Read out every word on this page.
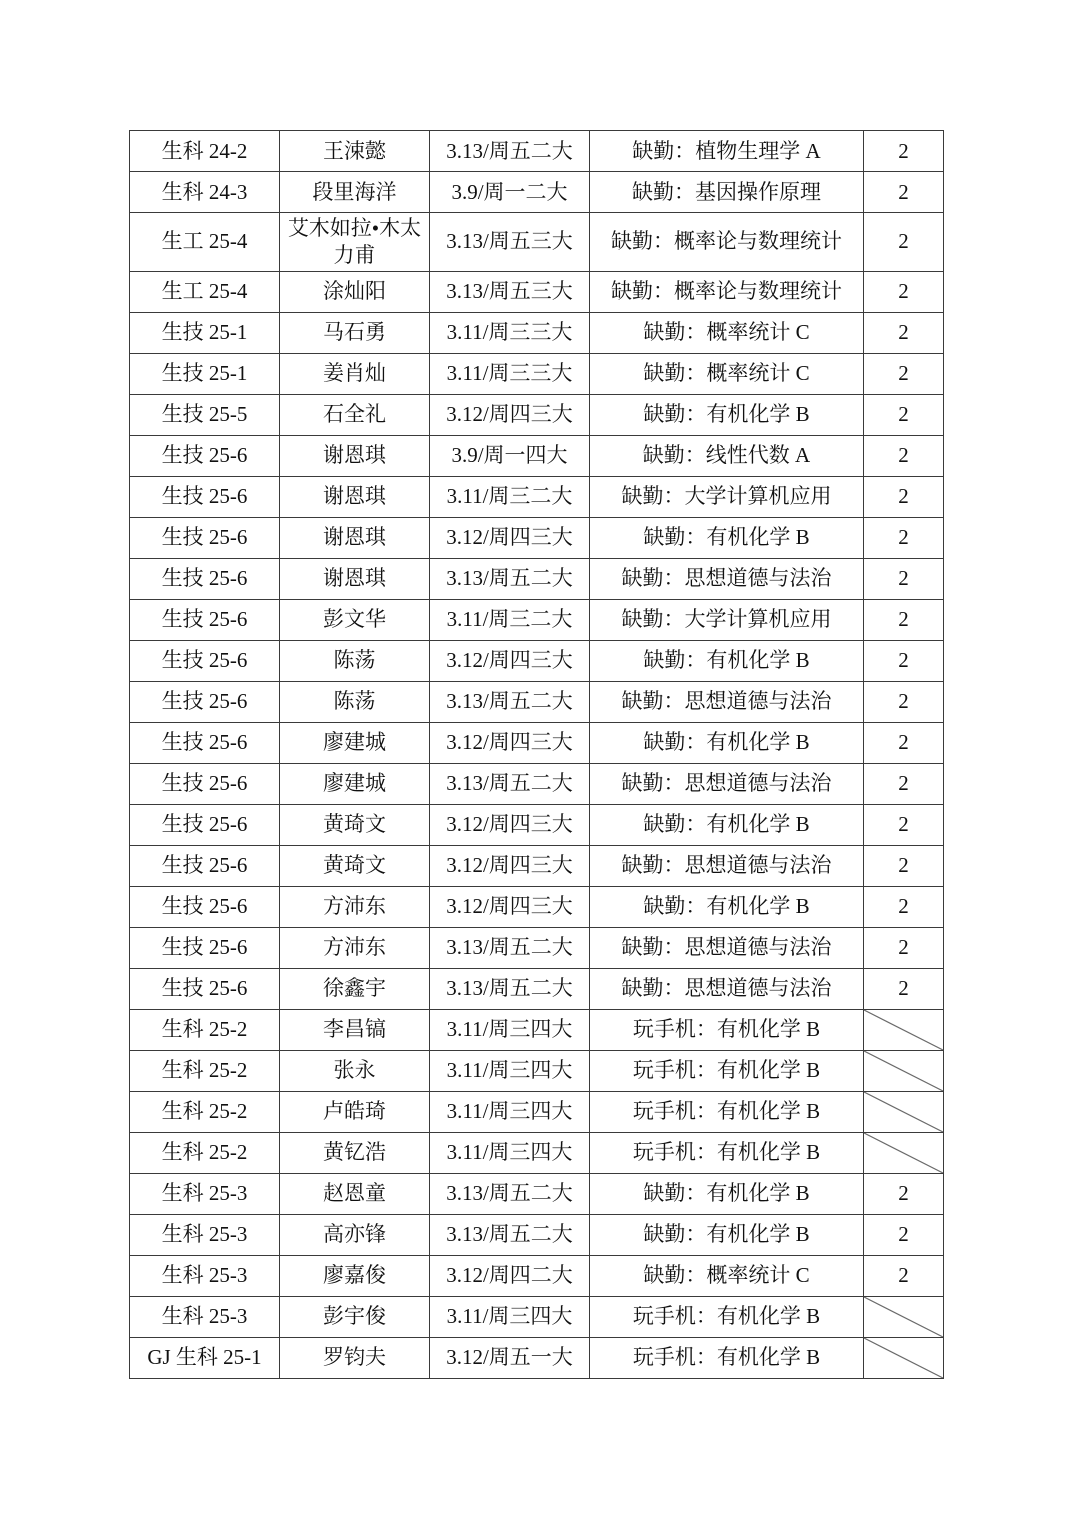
生科 24-2	王涑懿	3.13/周五二大	缺勤：植物生理学 A	2
生科 24-3	段里海洋	3.9/周一二大	缺勤：基因操作原理	2
生工 25-4	艾木如拉•木太力甫	3.13/周五三大	缺勤：概率论与数理统计	2
生工 25-4	涂灿阳	3.13/周五三大	缺勤：概率论与数理统计	2
生技 25-1	马石勇	3.11/周三三大	缺勤：概率统计 C	2
生技 25-1	姜肖灿	3.11/周三三大	缺勤：概率统计 C	2
生技 25-5	石全礼	3.12/周四三大	缺勤：有机化学 B	2
生技 25-6	谢恩琪	3.9/周一四大	缺勤：线性代数 A	2
生技 25-6	谢恩琪	3.11/周三二大	缺勤：大学计算机应用	2
生技 25-6	谢恩琪	3.12/周四三大	缺勤：有机化学 B	2
生技 25-6	谢恩琪	3.13/周五二大	缺勤：思想道德与法治	2
生技 25-6	彭文华	3.11/周三二大	缺勤：大学计算机应用	2
生技 25-6	陈荡	3.12/周四三大	缺勤：有机化学 B	2
生技 25-6	陈荡	3.13/周五二大	缺勤：思想道德与法治	2
生技 25-6	廖建城	3.12/周四三大	缺勤：有机化学 B	2
生技 25-6	廖建城	3.13/周五二大	缺勤：思想道德与法治	2
生技 25-6	黄琦文	3.12/周四三大	缺勤：有机化学 B	2
生技 25-6	黄琦文	3.12/周四三大	缺勤：思想道德与法治	2
生技 25-6	方沛东	3.12/周四三大	缺勤：有机化学 B	2
生技 25-6	方沛东	3.13/周五二大	缺勤：思想道德与法治	2
生技 25-6	徐鑫宇	3.13/周五二大	缺勤：思想道德与法治	2
生科 25-2	李昌镐	3.11/周三四大	玩手机：有机化学 B	

生科 25-2	张永	3.11/周三四大	玩手机：有机化学 B	

生科 25-2	卢皓琦	3.11/周三四大	玩手机：有机化学 B	

生科 25-2	黄钇浩	3.11/周三四大	玩手机：有机化学 B	

生科 25-3	赵恩童	3.13/周五二大	缺勤：有机化学 B	2
生科 25-3	高亦锋	3.13/周五二大	缺勤：有机化学 B	2
生科 25-3	廖嘉俊	3.12/周四二大	缺勤：概率统计 C	2
生科 25-3	彭宇俊	3.11/周三四大	玩手机：有机化学 B	

GJ 生科 25-1	罗钧夫	3.12/周五一大	玩手机：有机化学 B	
